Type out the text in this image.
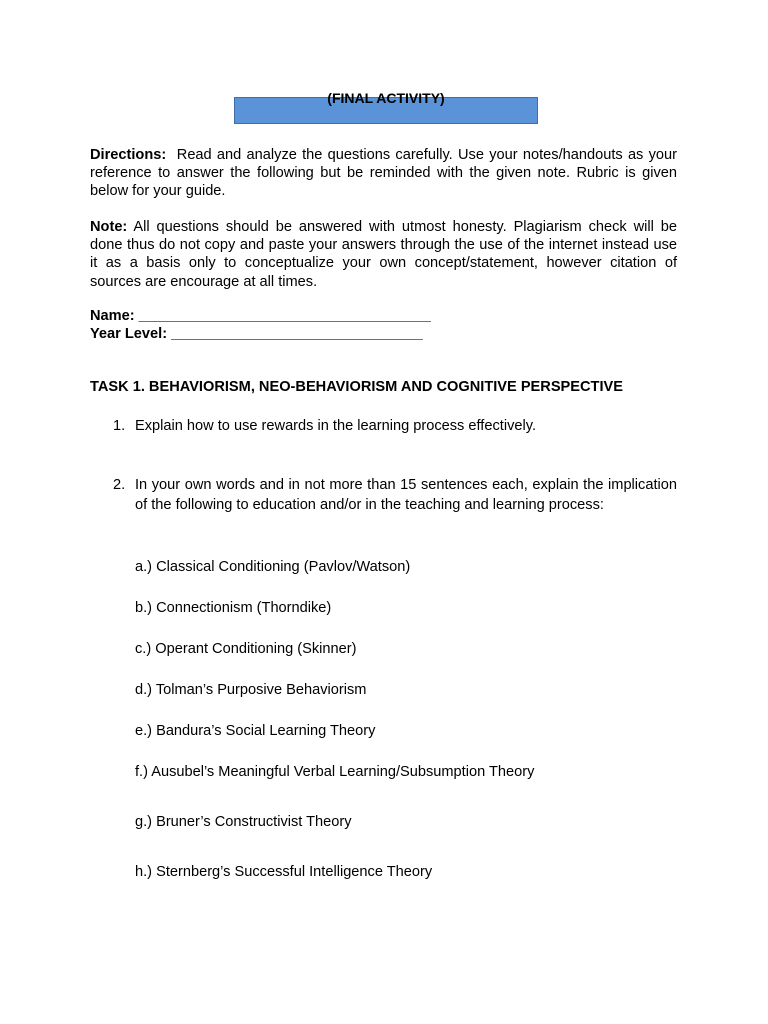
(FINAL ACTIVITY)
Directions: Read and analyze the questions carefully. Use your notes/handouts as your reference to answer the following but be reminded with the given note. Rubric is given below for your guide.
Note: All questions should be answered with utmost honesty. Plagiarism check will be done thus do not copy and paste your answers through the use of the internet instead use it as a basis only to conceptualize your own concept/statement, however citation of sources are encourage at all times.
Name: ____________________________________
Year Level: _______________________________
TASK 1. BEHAVIORISM, NEO-BEHAVIORISM AND COGNITIVE PERSPECTIVE
1. Explain how to use rewards in the learning process effectively.
2. In your own words and in not more than 15 sentences each, explain the implication of the following to education and/or in the teaching and learning process:
a.) Classical Conditioning (Pavlov/Watson)
b.) Connectionism (Thorndike)
c.) Operant Conditioning (Skinner)
d.) Tolman’s Purposive Behaviorism
e.) Bandura’s Social Learning Theory
f.) Ausubel’s Meaningful Verbal Learning/Subsumption Theory
g.) Bruner’s Constructivist Theory
h.) Sternberg’s Successful Intelligence Theory
